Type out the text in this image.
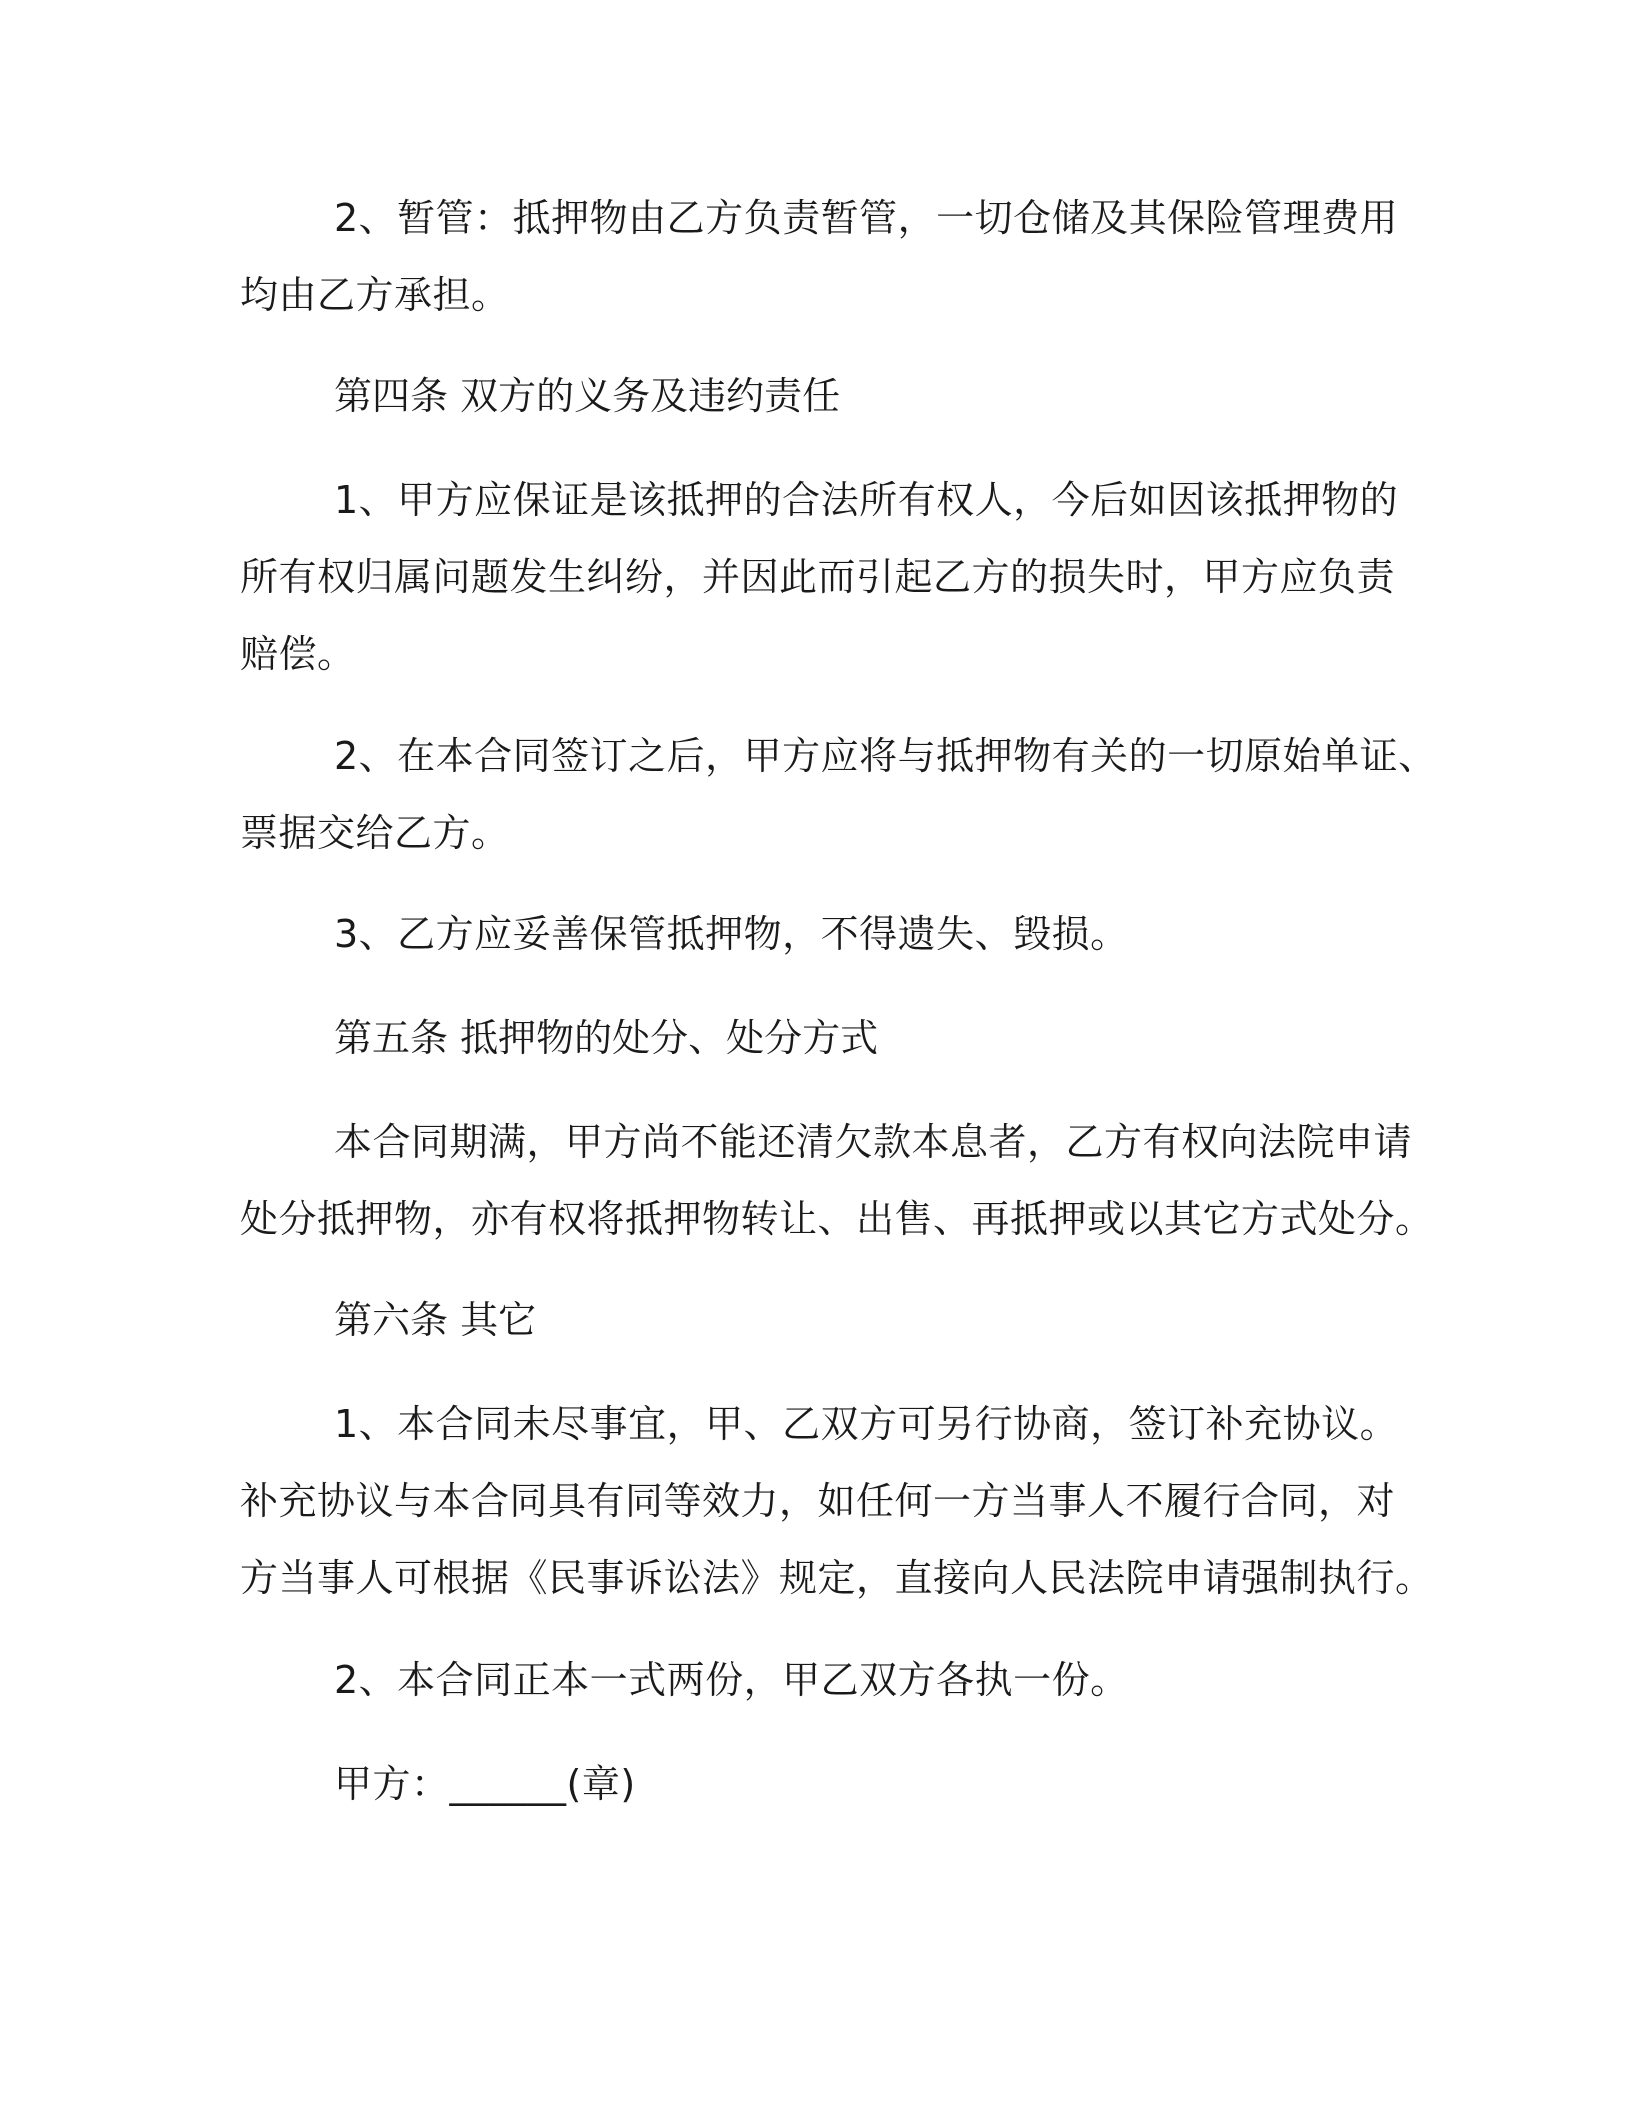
2、暂管：抵押物由乙方负责暂管，一切仓储及其保险管理费用
均由乙方承担。
第四条 双方的义务及违约责任
1、甲方应保证是该抵押的合法所有权人，今后如因该抵押物的
所有权归属问题发生纠纷，并因此而引起乙方的损失时，甲方应负责
赔偿。
2、在本合同签订之后，甲方应将与抵押物有关的一切原始单证、
票据交给乙方。
3、乙方应妥善保管抵押物，不得遗失、毁损。
第五条 抵押物的处分、处分方式
本合同期满，甲方尚不能还清欠款本息者，乙方有权向法院申请
处分抵押物，亦有权将抵押物转让、出售、再抵押或以其它方式处分。
第六条 其它
1、本合同未尽事宜，甲、乙双方可另行协商，签订补充协议。
补充协议与本合同具有同等效力，如任何一方当事人不履行合同，对
方当事人可根据《民事诉讼法》规定，直接向人民法院申请强制执行。
2、本合同正本一式两份，甲乙双方各执一份。
甲方：______(章)
